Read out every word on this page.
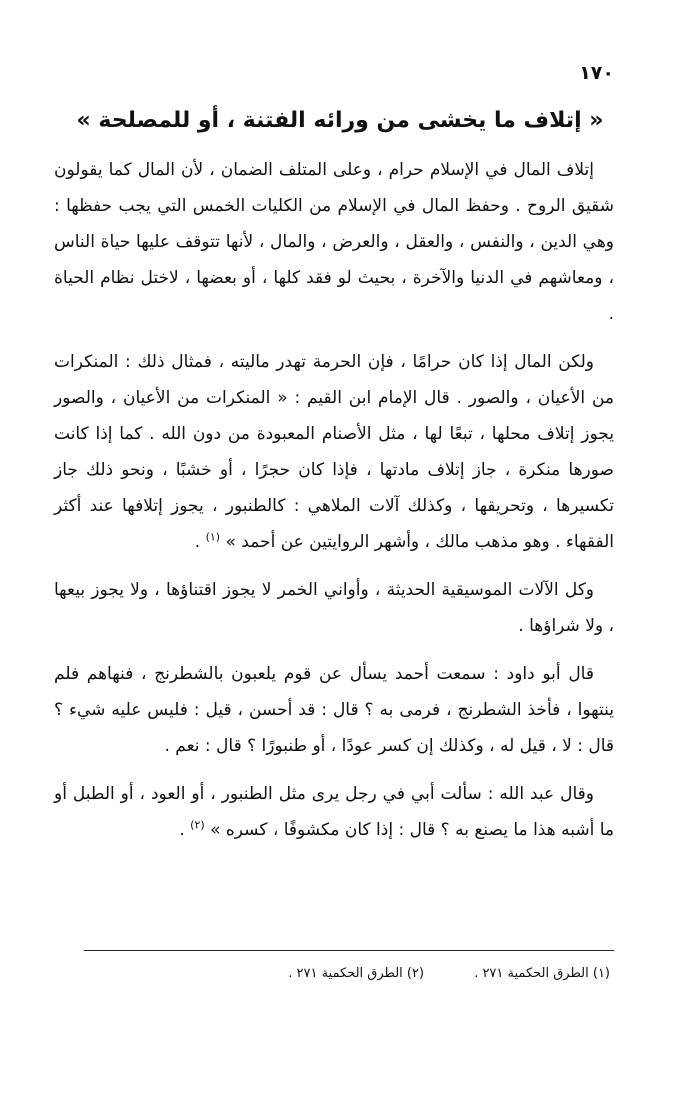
١٧٠
« إتلاف ما يخشى من ورائه الفتنة ، أو للمصلحة »

إتلاف المال في الإسلام حرام ، وعلى المتلف الضمان ، لأن المال كما يقولون شقيق الروح . وحفظ المال في الإسلام من الكليات الخمس التي يجب حفظها : وهي الدين ، والنفس ، والعقل ، والعرض ، والمال ، لأنها تتوقف عليها حياة الناس ، ومعاشهم في الدنيا والآخرة ، بحيث لو فقد كلها ، أو بعضها ، لاختل نظام الحياة .

ولكن المال إذا كان حرامًا ، فإن الحرمة تهدر ماليته ، فمثال ذلك : المنكرات من الأعيان ، والصور . قال الإمام ابن القيم : « المنكرات من الأعيان ، والصور يجوز إتلاف محلها ، تبعًا لها ، مثل الأصنام المعبودة من دون الله . كما إذا كانت صورها منكرة ، جاز إتلاف مادتها ، فإذا كان حجرًا ، أو خشبًا ، ونحو ذلك جاز تكسيرها ، وتحريقها ، وكذلك آلات الملاهي : كالطنبور ، يجوز إتلافها عند أكثر الفقهاء . وهو مذهب مالك ، وأشهر الروايتين عن أحمد » $^{(١)}$ .

وكل الآلات الموسيقية الحديثة ، وأواني الخمر لا يجوز اقتناؤها ، ولا يجوز بيعها ، ولا شراؤها .

قال أبو داود : سمعت أحمد يسأل عن قوم يلعبون بالشطرنج ، فنهاهم فلم ينتهوا ، فأخذ الشطرنج ، فرمى به ؟ قال : قد أحسن ، قيل : فليس عليه شيء ؟ قال : لا ، قيل له ، وكذلك إن كسر عودًا ، أو طنبورًا ؟ قال : نعم .

وقال عبد الله : سألت أبي في رجل يرى مثل الطنبور ، أو العود ، أو الطبل أو ما أشبه هذا ما يصنع به ؟ قال : إذا كان مكشوفًا ، كسره » $^{(٢)}$ .

(١) الطرق الحكمية ٢٧١ . (٢) الطرق الحكمية ٢٧١ .
